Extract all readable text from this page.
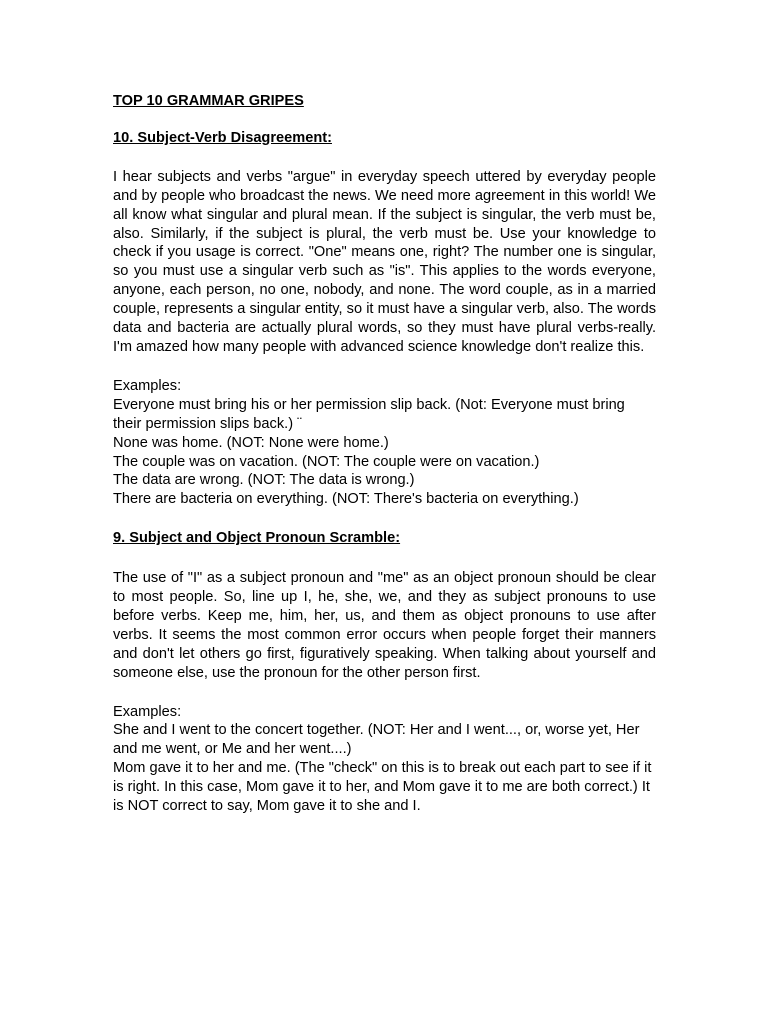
TOP 10 GRAMMAR GRIPES

10. Subject-Verb Disagreement:

I hear subjects and verbs "argue" in everyday speech uttered by everyday people and by people who broadcast the news. We need more agreement in this world! We all know what singular and plural mean. If the subject is singular, the verb must be, also. Similarly, if the subject is plural, the verb must be. Use your knowledge to check if you usage is correct. "One" means one, right? The number one is singular, so you must use a singular verb such as "is". This applies to the words everyone, anyone, each person, no one, nobody, and none. The word couple, as in a married couple, represents a singular entity, so it must have a singular verb, also. The words data and bacteria are actually plural words, so they must have plural verbs-really. I'm amazed how many people with advanced science knowledge don't realize this.

Examples:

Everyone must bring his or her permission slip back. (Not: Everyone must bring their permission slips back.) ¨

None was home. (NOT: None were home.)

The couple was on vacation. (NOT: The couple were on vacation.)

The data are wrong. (NOT: The data is wrong.)

There are bacteria on everything. (NOT: There's bacteria on everything.)

9. Subject and Object Pronoun Scramble:

The use of "I" as a subject pronoun and "me" as an object pronoun should be clear to most people. So, line up I, he, she, we, and they as subject pronouns to use before verbs. Keep me, him, her, us, and them as object pronouns to use after verbs. It seems the most common error occurs when people forget their manners and don't let others go first, figuratively speaking. When talking about yourself and someone else, use the pronoun for the other person first.

Examples:

She and I went to the concert together. (NOT: Her and I went..., or, worse yet, Her and me went, or Me and her went....)

Mom gave it to her and me. (The "check" on this is to break out each part to see if it is right. In this case, Mom gave it to her, and Mom gave it to me are both correct.) It is NOT correct to say, Mom gave it to she and I.
